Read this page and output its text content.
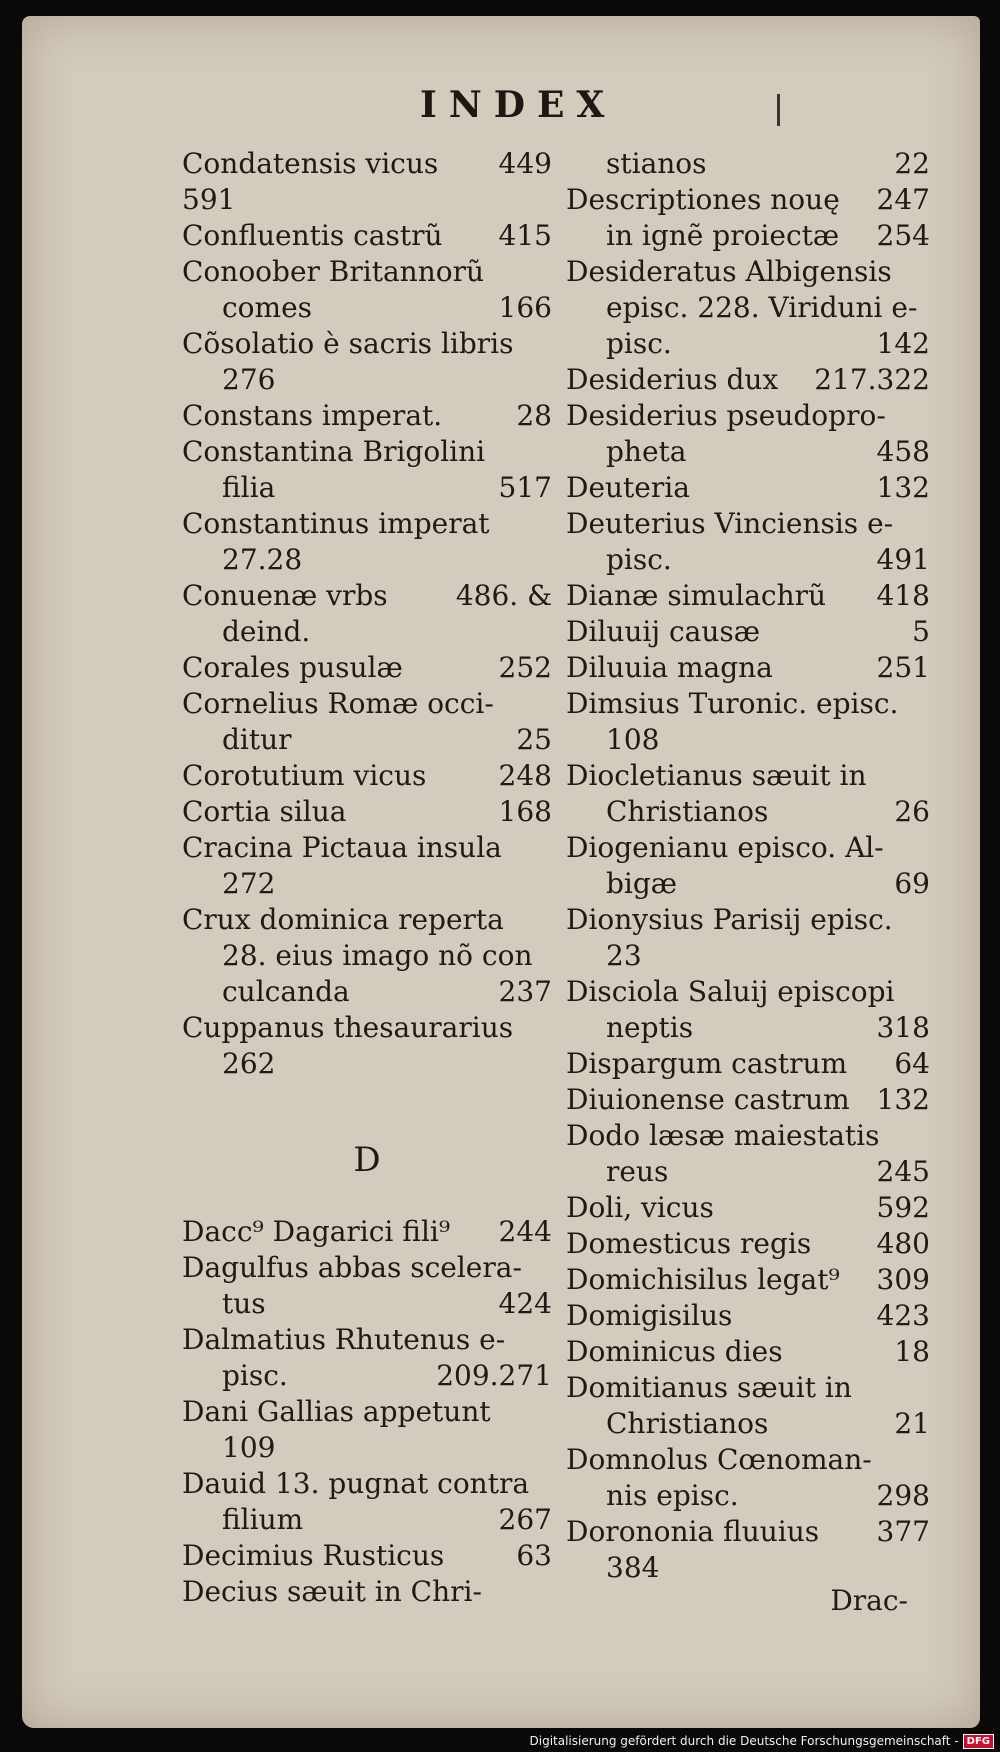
INDEX
Condatensis vicus 449
591
Confluentis castrũ 415
Conoober Britannorũ
comes	166
Cõsolatio è sacris libris
276
Constans imperat.	28
Constantina Brigolini
filia	517
Constantinus imperat
27.28
Conuenæ vrbs 486. &
deind.
Corales pusulæ	252
Cornelius Romæ occi-
ditur	25
Corotutium vicus	248
Cortia silua	168
Cracina Pictaua insula
272
Crux dominica reperta
28. eius imago nõ con
culcanda	237
Cuppanus thesaurarius
262
D
Dacc⁹ Dagarici fili⁹ 244
Dagulfus abbas scelera-
tus	424
Dalmatius Rhutenus e-
pisc.	209.271
Dani Gallias appetunt
109
Dauid 13. pugnat contra
filium	267
Decimius Rusticus	63
Decius sæuit in Chri-
stianos	22
Descriptiones nouę 247
in ignẽ proiectæ 254
Desideratus Albigensis
episc. 228. Viriduni e-
pisc.	142
Desiderius dux 217.322
Desiderius pseudopro-
pheta	458
Deuteria	132
Deuterius Vinciensis e-
pisc.	491
Dianæ simulachrũ 418
Diluuij causæ	5
Diluuia magna	251
Dimsius Turonic. episc.
108
Diocletianus sæuit in
Christianos	26
Diogenianu episco. Al-
bigæ	69
Dionysius Parisij episc.
23
Disciola Saluij episcopi
neptis	318
Dispargum castrum 64
Diuionense castrum 132
Dodo læsæ maiestatis
reus	245
Doli, vicus	592
Domesticus regis 480
Domichisilus legat⁹ 309
Domigisilus	423
Dominicus dies	18
Domitianus sæuit in
Christianos	21
Domnolus Cœnoman-
nis episc.	298
Dorononia fluuius 377
384
Drac-
Digitalisierung gefördert durch die Deutsche Forschungsgemeinschaft - DFG
